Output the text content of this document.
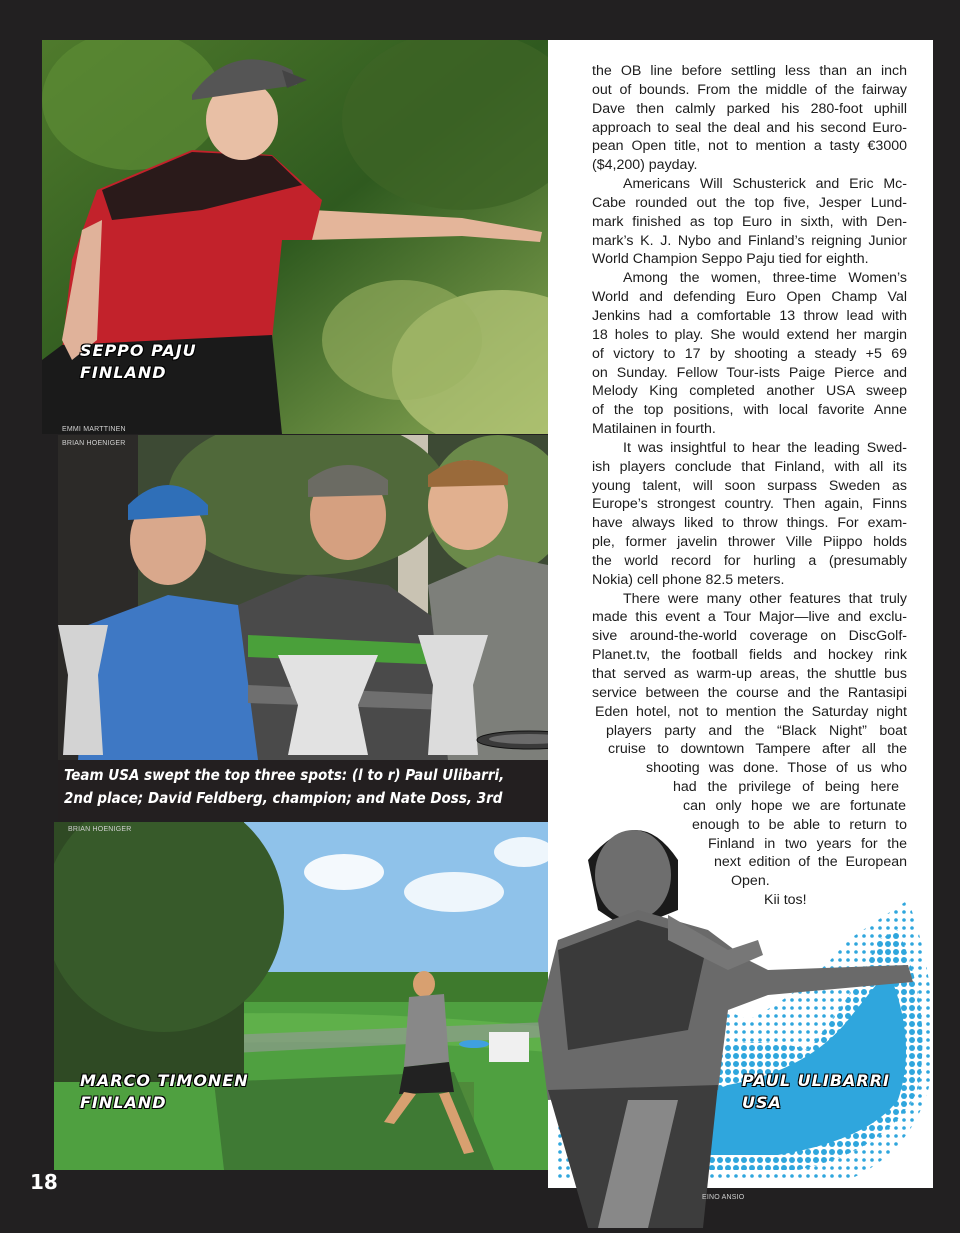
SEPPO PAJU
FINLAND
EMMI MARTTINEN
BRIAN HOENIGER
Team USA swept the top three spots: (l to r) Paul Ulibarri,
2nd place; David Feldberg, champion; and Nate Doss, 3rd
BRIAN HOENIGER
MARCO TIMONEN
FINLAND
PAUL ULIBARRI
USA
EINO ANSIO
the OB line before settling less than an inch
out of bounds. From the middle of the fairway
Dave then calmly parked his 280-foot uphill
approach to seal the deal and his second Euro-
pean Open title, not to mention a tasty €3000
($4,200) payday.
Americans Will Schusterick and Eric Mc-
Cabe rounded out the top five, Jesper Lund-
mark finished as top Euro in sixth, with Den-
mark’s K. J. Nybo and Finland’s reigning Junior
World Champion Seppo Paju tied for eighth.
Among the women, three-time Women’s
World and defending Euro Open Champ Val
Jenkins had a comfortable 13 throw lead with
18 holes to play. She would extend her margin
of victory to 17 by shooting a steady +5 69
on Sunday. Fellow Tour-ists Paige Pierce and
Melody King completed another USA sweep
of the top positions, with local favorite Anne
Matilainen in fourth.
It was insightful to hear the leading Swed-
ish players conclude that Finland, with all its
young talent, will soon surpass Sweden as
Europe’s strongest country. Then again, Finns
have always liked to throw things. For exam-
ple, former javelin thrower Ville Piippo holds
the world record for hurling a (presumably
Nokia) cell phone 82.5 meters.
There were many other features that truly
made this event a Tour Major—live and exclu-
sive around-the-world coverage on DiscGolf-
Planet.tv, the football fields and hockey rink
that served as warm-up areas, the shuttle bus
service between the course and the Rantasipi
Eden hotel, not to mention the Saturday night
players party and the “Black Night” boat
cruise to downtown Tampere after all the
shooting was done. Those of us who
had the privilege of being here
can only hope we are fortunate
enough to be able to return to
Finland in two years for the
next edition of the European
Open.
Kii tos!
18
